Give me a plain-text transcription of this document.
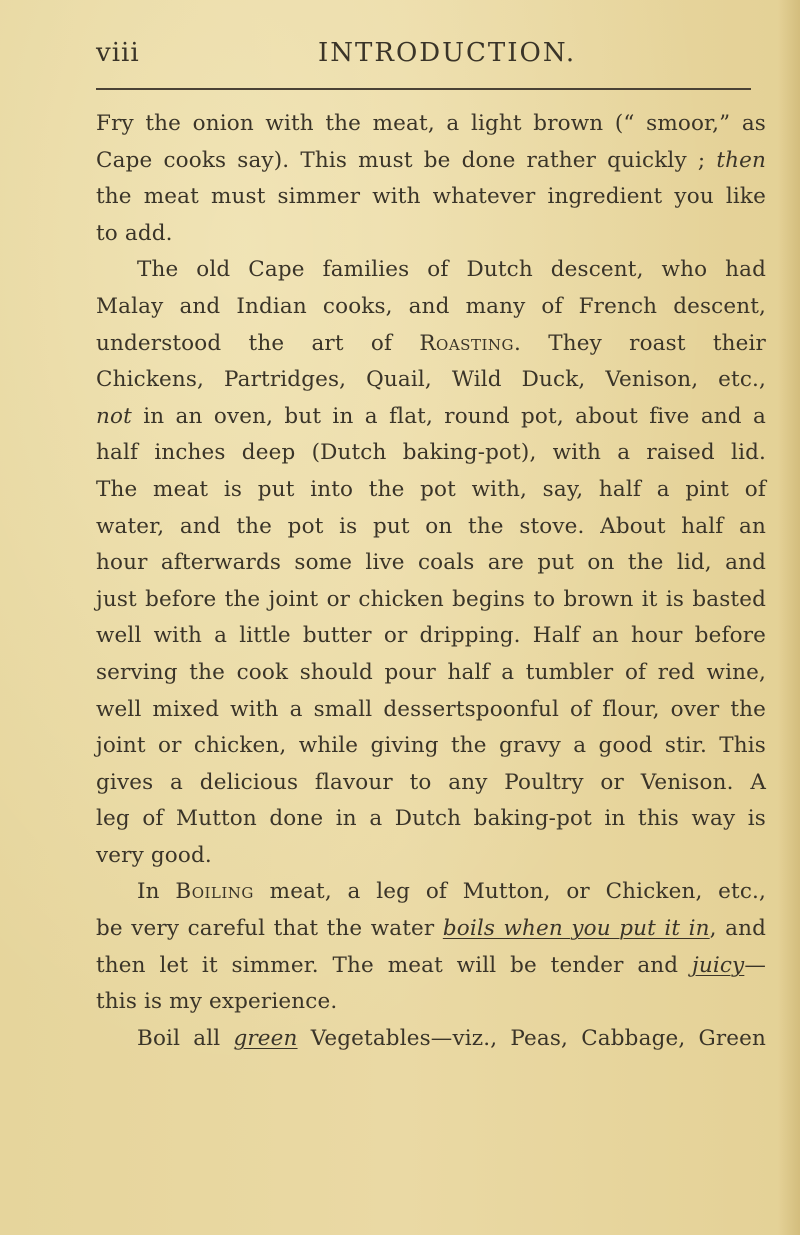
viii	INTRODUCTION.
Fry the onion with the meat, a light brown (“ smoor,” as
Cape cooks say). This must be done rather quickly ; then
the meat must simmer with whatever ingredient you like
to add.
The old Cape families of Dutch descent, who had
Malay and Indian cooks, and many of French descent,
understood the art of Roasting. They roast their
Chickens, Partridges, Quail, Wild Duck, Venison, etc.,
not in an oven, but in a flat, round pot, about five and a
half inches deep (Dutch baking-pot), with a raised lid.
The meat is put into the pot with, say, half a pint of
water, and the pot is put on the stove. About half an
hour afterwards some live coals are put on the lid, and
just before the joint or chicken begins to brown it is basted
well with a little butter or dripping. Half an hour before
serving the cook should pour half a tumbler of red wine,
well mixed with a small dessertspoonful of flour, over the
joint or chicken, while giving the gravy a good stir. This
gives a delicious flavour to any Poultry or Venison. A
leg of Mutton done in a Dutch baking-pot in this way is
very good.
In Boiling meat, a leg of Mutton, or Chicken, etc.,
be very careful that the water boils when you put it in, and
then let it simmer. The meat will be tender and juicy—
this is my experience.
Boil all green Vegetables—viz., Peas, Cabbage, Green
